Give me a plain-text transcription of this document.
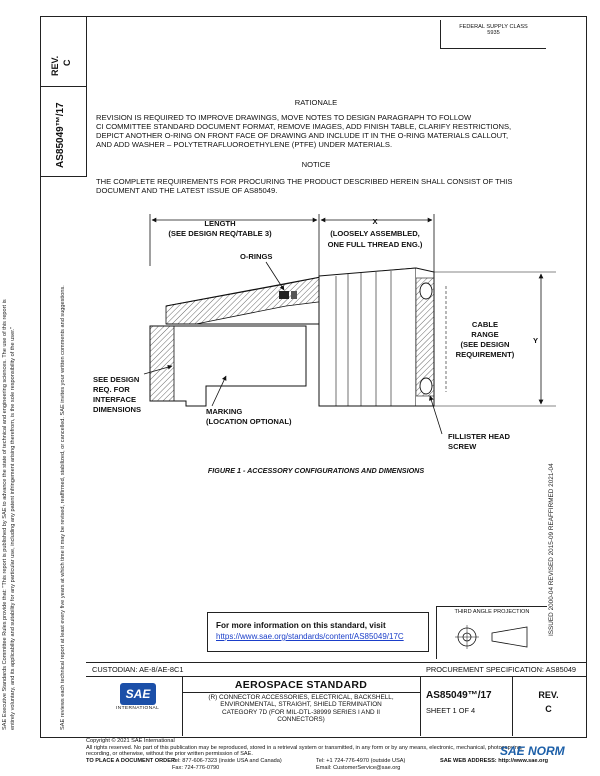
REV. C
AS85049™/17
SAE Executive Standards Committee Rules provide that: "This report is published by SAE to advance the state of technical and engineering sciences. The use of this report is entirely voluntary, and its applicability and suitability for any particular use, including any patent infringement arising therefrom, is the sole responsibility of the user."	SAE reviews each technical report at least every five years at which time it may be revised, reaffirmed, stabilized, or cancelled. SAE invites your written comments and suggestions.	ISSUED 2000-04 REVISED 2015-09 REAFFIRMED 2021-04
FEDERAL SUPPLY CLASS
5935
RATIONALE
REVISION IS REQUIRED TO IMPROVE DRAWINGS, MOVE NOTES TO DESIGN PARAGRAPH TO FOLLOW
CI COMMITTEE STANDARD DOCUMENT FORMAT, REMOVE IMAGES, ADD FINISH TABLE, CLARIFY RESTRICTIONS,
DEPICT ANOTHER O-RING ON FRONT FACE OF DRAWING AND INCLUDE IT IN THE O-RING MATERIALS CALLOUT,
AND ADD WASHER – POLYTETRAFLUOROETHYLENE (PTFE) UNDER MATERIALS.
NOTICE
THE COMPLETE REQUIREMENTS FOR PROCURING THE PRODUCT DESCRIBED HEREIN SHALL CONSIST OF THIS
DOCUMENT AND THE LATEST ISSUE OF AS85049.
LENGTH
(SEE DESIGN REQ/TABLE 3)
X
(LOOSELY ASSEMBLED,
ONE FULL THREAD ENG.)
O-RINGS
CABLE
RANGE
(SEE DESIGN
REQUIREMENT)
Y
SEE DESIGN
REQ. FOR
INTERFACE
DIMENSIONS	MARKING
(LOCATION OPTIONAL)
FILLISTER HEAD
SCREW
FIGURE 1 - ACCESSORY CONFIGURATIONS AND DIMENSIONS
For more information on this standard, visit
https://www.sae.org/standards/content/AS85049/17C
THIRD ANGLE PROJECTION
CUSTODIAN: AE-8/AE-8C1	PROCUREMENT SPECIFICATION: AS85049
SAE
INTERNATIONAL
AEROSPACE STANDARD
(R) CONNECTOR ACCESSORIES, ELECTRICAL, BACKSHELL,
ENVIRONMENTAL, STRAIGHT, SHIELD TERMINATION
CATEGORY 7D (FOR MIL-DTL-38999 SERIES I AND II
CONNECTORS)
AS85049™/17
SHEET 1 OF 4
REV.
C
Copyright © 2021 SAE International
All rights reserved. No part of this publication may be reproduced, stored in a retrieval system or transmitted, in any form or by any means, electronic, mechanical, photocopying,
recording, or otherwise, without the prior written permission of SAE.
TO PLACE A DOCUMENT ORDER:
Tel: 877-606-7323 (inside USA and Canada)
Fax: 724-776-0790
Tel: +1 724-776-4970 (outside USA)
Email: CustomerService@sae.org
SAE WEB ADDRESS: http://www.sae.org
SAE NORM
